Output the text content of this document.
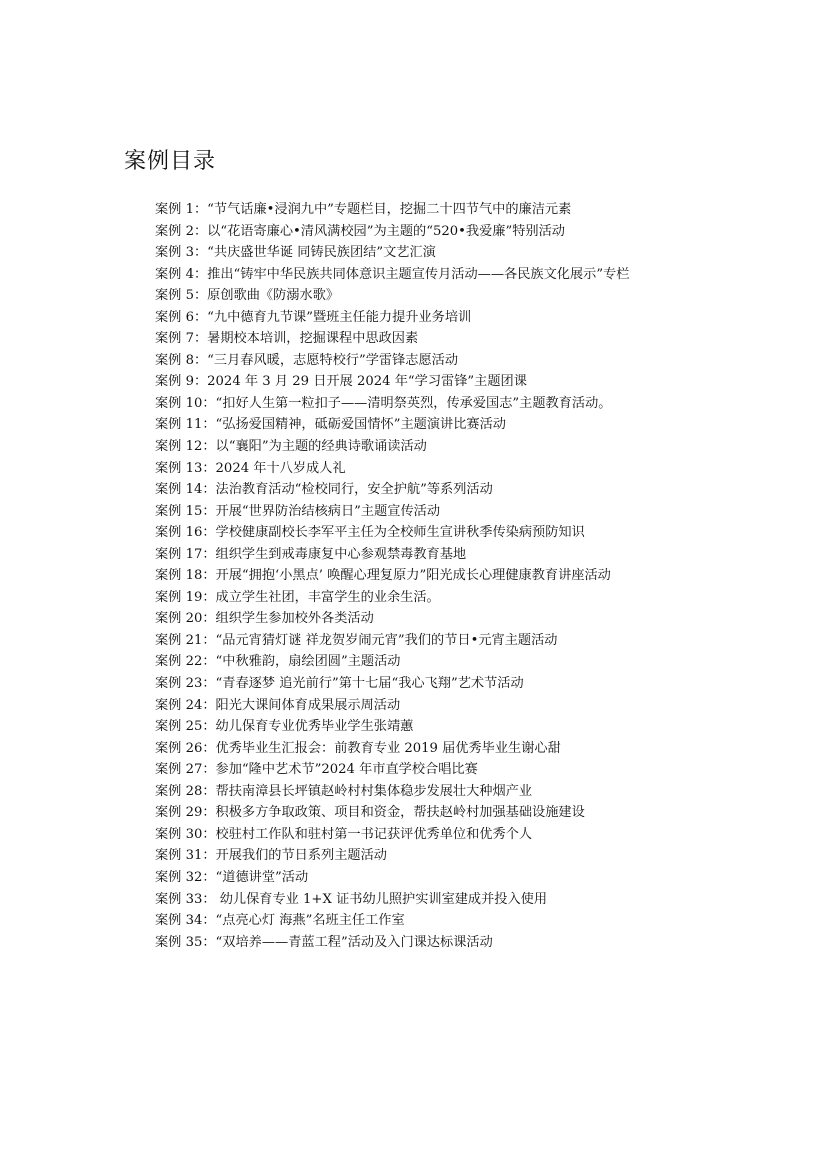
案例目录
案例 1：“节气话廉•浸润九中”专题栏目，挖掘二十四节气中的廉洁元素
案例 2：以“花语寄廉心•清风满校园”为主题的“520•我爱廉”特别活动
案例 3：“共庆盛世华诞 同铸民族团结”文艺汇演
案例 4：推出“铸牢中华民族共同体意识主题宣传月活动——各民族文化展示”专栏
案例 5：原创歌曲《防溺水歌》
案例 6：“九中德育九节课”暨班主任能力提升业务培训
案例 7：暑期校本培训，挖掘课程中思政因素
案例 8：“三月春风暖，志愿特校行”学雷锋志愿活动
案例 9：2024 年 3 月 29 日开展 2024 年“学习雷锋”主题团课
案例 10：“扣好人生第一粒扣子——清明祭英烈，传承爱国志”主题教育活动。
案例 11：“弘扬爱国精神，砥砺爱国情怀”主题演讲比赛活动
案例 12：以“襄阳”为主题的经典诗歌诵读活动
案例 13：2024 年十八岁成人礼
案例 14：法治教育活动“检校同行，安全护航”等系列活动
案例 15：开展“世界防治结核病日”主题宣传活动
案例 16：学校健康副校长李军平主任为全校师生宣讲秋季传染病预防知识
案例 17：组织学生到戒毒康复中心参观禁毒教育基地
案例 18：开展“拥抱‘小黑点’ 唤醒心理复原力”阳光成长心理健康教育讲座活动
案例 19：成立学生社团，丰富学生的业余生活。
案例 20：组织学生参加校外各类活动
案例 21：“品元宵猜灯谜 祥龙贺岁闹元宵”我们的节日•元宵主题活动
案例 22：“中秋雅韵，扇绘团圆”主题活动
案例 23：“青春逐梦 追光前行”第十七届“我心飞翔”艺术节活动
案例 24：阳光大课间体育成果展示周活动
案例 25：幼儿保育专业优秀毕业学生张靖蕙
案例 26：优秀毕业生汇报会：前教育专业 2019 届优秀毕业生谢心甜
案例 27：参加“隆中艺术节”2024 年市直学校合唱比赛
案例 28：帮扶南漳县长坪镇赵岭村村集体稳步发展壮大种烟产业
案例 29：积极多方争取政策、项目和资金，帮扶赵岭村加强基础设施建设
案例 30：校驻村工作队和驻村第一书记获评优秀单位和优秀个人
案例 31：开展我们的节日系列主题活动
案例 32：“道德讲堂”活动
案例 33： 幼儿保育专业 1+X 证书幼儿照护实训室建成并投入使用
案例 34：“点亮心灯 海燕”名班主任工作室
案例 35：“双培养——青蓝工程”活动及入门课达标课活动
